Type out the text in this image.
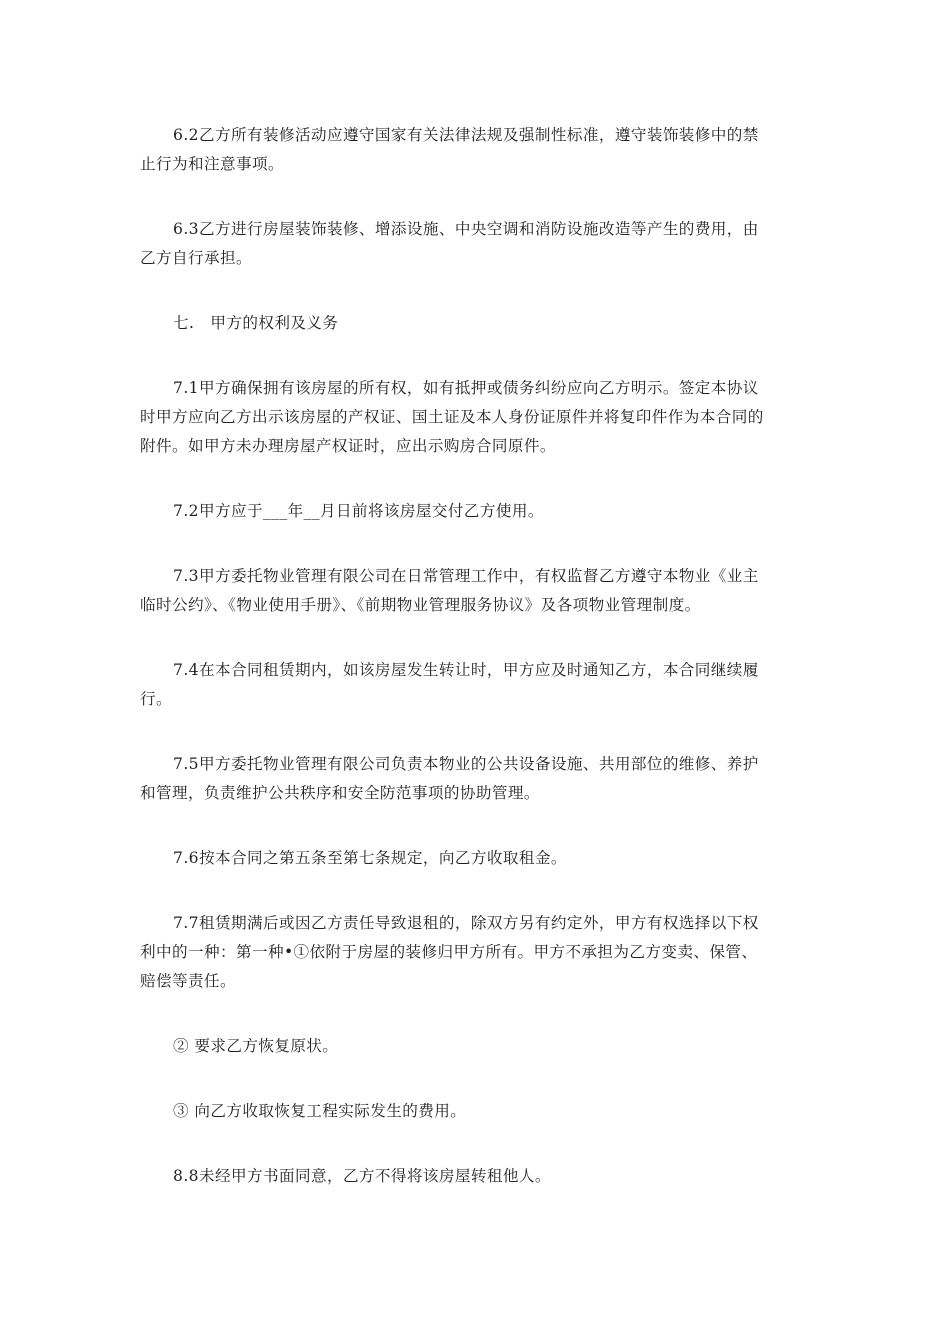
6.2乙方所有装修活动应遵守国家有关法律法规及强制性标准，遵守装饰装修中的禁
止行为和注意事项。

6.3乙方进行房屋装饰装修、增添设施、中央空调和消防设施改造等产生的费用，由
乙方自行承担。

七.　甲方的权利及义务

7.1甲方确保拥有该房屋的所有权，如有抵押或债务纠纷应向乙方明示。签定本协议
时甲方应向乙方出示该房屋的产权证、国土证及本人身份证原件并将复印件作为本合同的
附件。如甲方未办理房屋产权证时，应出示购房合同原件。

7.2甲方应于___年__月日前将该房屋交付乙方使用。

7.3甲方委托物业管理有限公司在日常管理工作中，有权监督乙方遵守本物业《业主
临时公约》、《物业使用手册》、《前期物业管理服务协议》及各项物业管理制度。

7.4在本合同租赁期内，如该房屋发生转让时，甲方应及时通知乙方，本合同继续履
行。

7.5甲方委托物业管理有限公司负责本物业的公共设备设施、共用部位的维修、养护
和管理，负责维护公共秩序和安全防范事项的协助管理。

7.6按本合同之第五条至第七条规定，向乙方收取租金。

7.7租赁期满后或因乙方责任导致退租的，除双方另有约定外，甲方有权选择以下权
利中的一种：第一种•①依附于房屋的装修归甲方所有。甲方不承担为乙方变卖、保管、
赔偿等责任。

② 要求乙方恢复原状。

③ 向乙方收取恢复工程实际发生的费用。

8.8未经甲方书面同意，乙方不得将该房屋转租他人。
